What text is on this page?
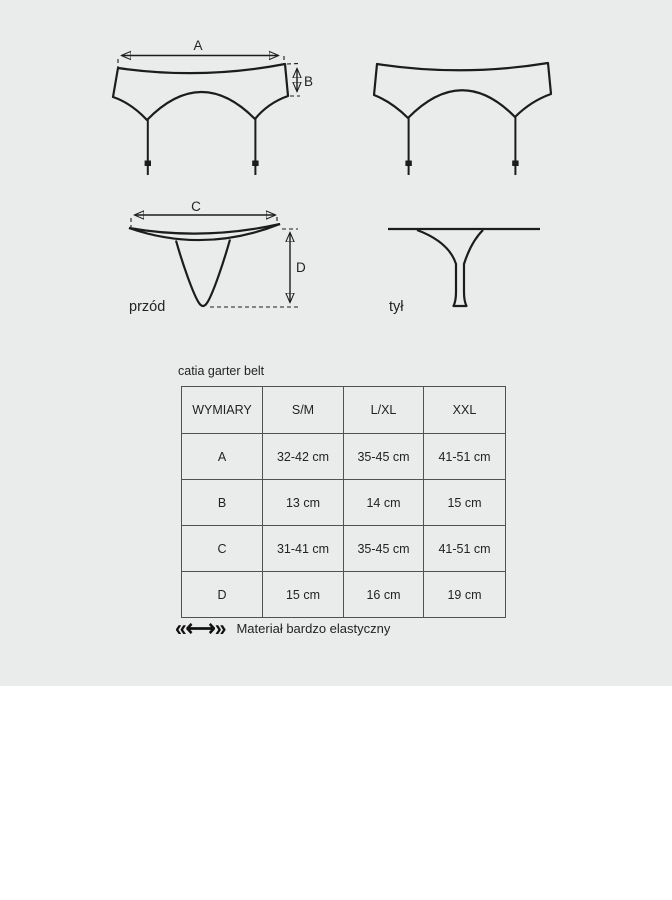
A
B
C
D
przód	tył
catia garter belt
WYMIARY	S/M	L/XL	XXL
A	32-42 cm	35-45 cm	41-51 cm
B	13 cm	14 cm	15 cm
C	31-41 cm	35-45 cm	41-51 cm
D	15 cm	16 cm	19 cm
«⟷» Materiał bardzo elastyczny
